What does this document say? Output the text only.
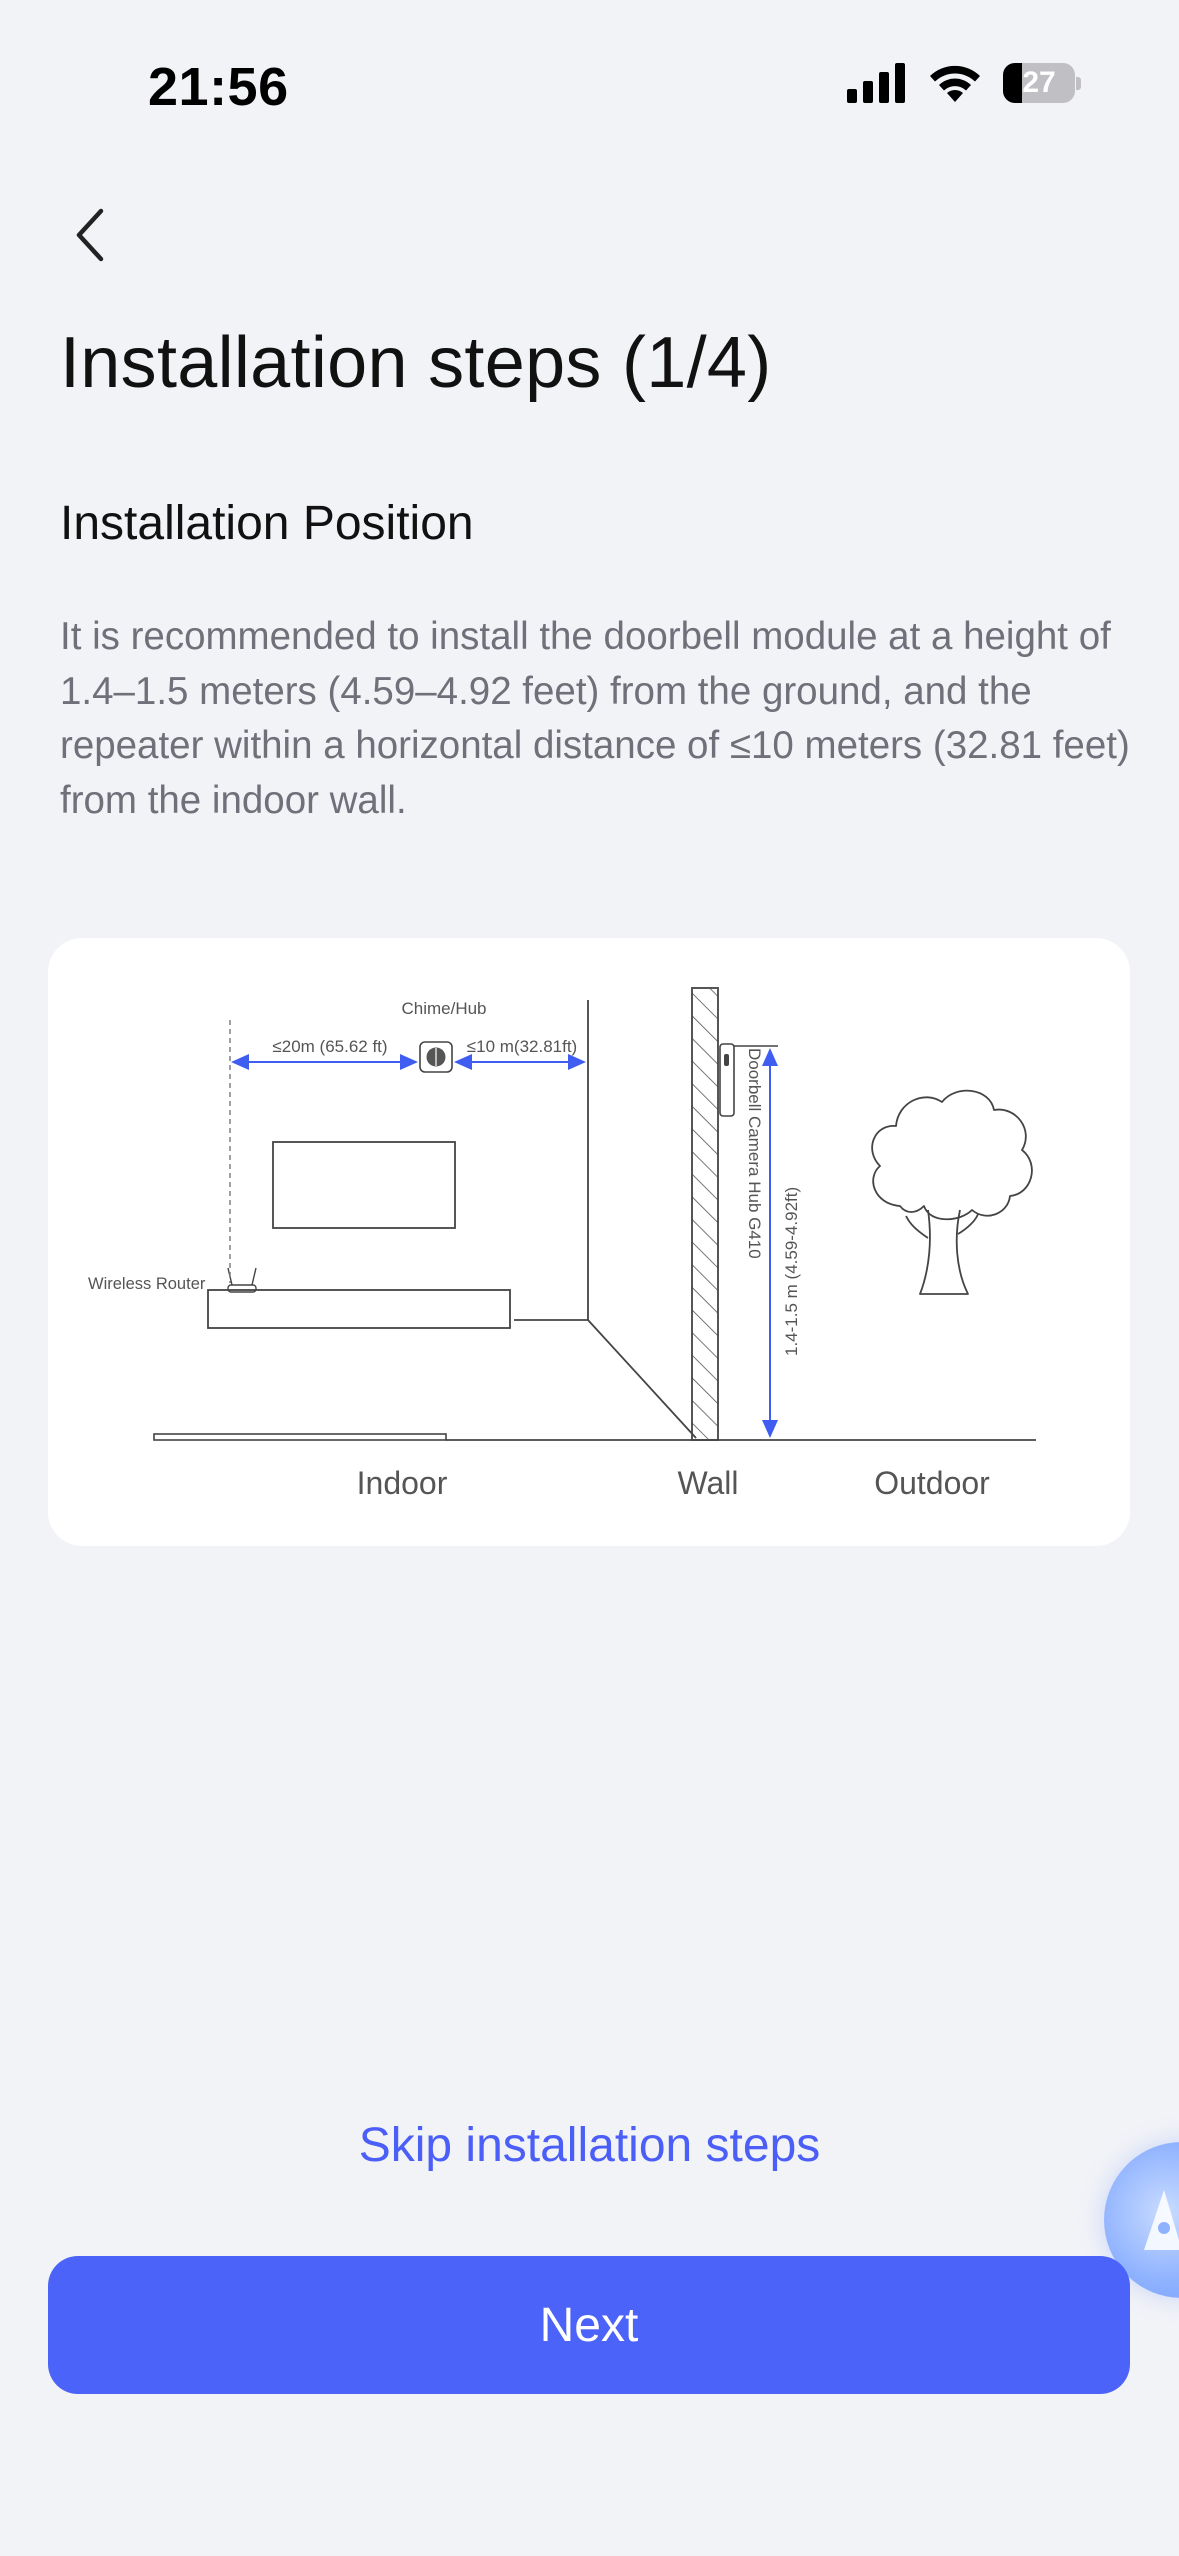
21:56	27
Installation steps (1/4)
Installation Position

It is recommended to install the doorbell module at a height of 1.4–1.5 meters (4.59–4.92 feet) from the ground, and the repeater within a horizontal distance of ≤10 meters (32.81 feet) from the indoor wall.

Wireless Router
Chime/Hub
≤20m (65.62 ft)	≤10 m(32.81ft)
Doorbell Camera Hub G410
1.4-1.5 m (4.59-4.92ft)
Indoor	Wall	Outdoor
Skip installation steps
Next
